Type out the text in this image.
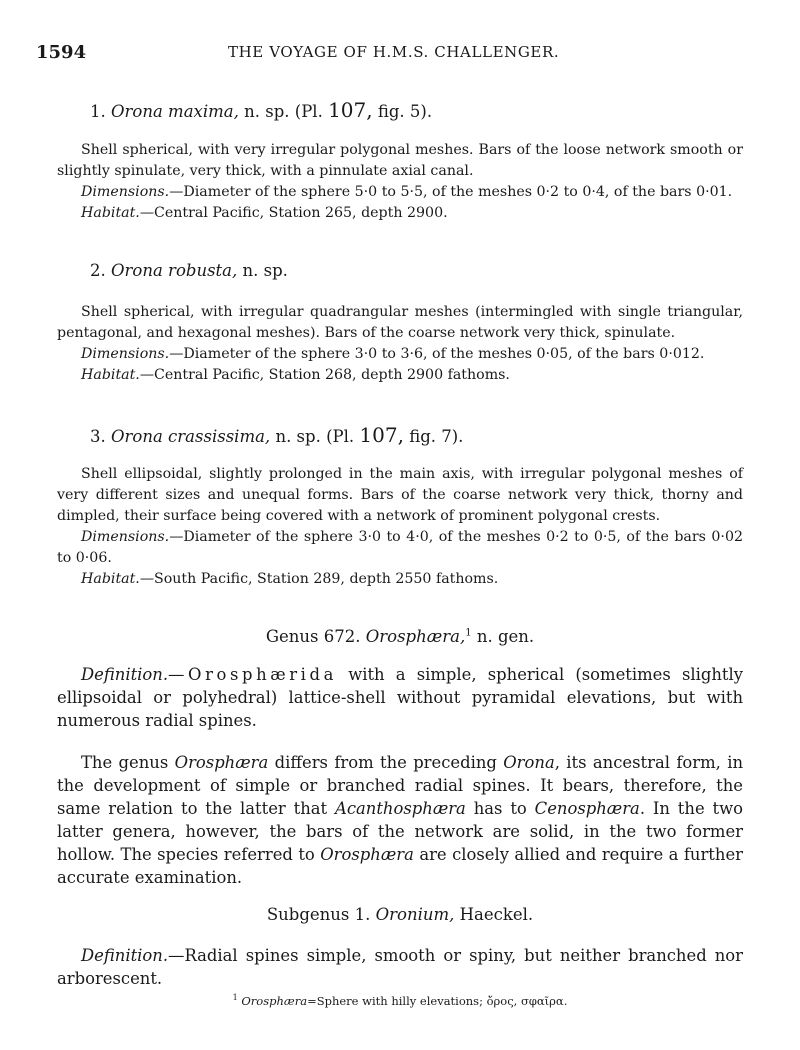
1594	THE VOYAGE OF H.M.S. CHALLENGER.
1. Orona maxima, n. sp. (Pl. 107, fig. 5).

Shell spherical, with very irregular polygonal meshes. Bars of the loose network smooth or slightly spinulate, very thick, with a pinnulate axial canal.

Dimensions.—Diameter of the sphere 5·0 to 5·5, of the meshes 0·2 to 0·4, of the bars 0·01.

Habitat.—Central Pacific, Station 265, depth 2900.

2. Orona robusta, n. sp.

Shell spherical, with irregular quadrangular meshes (intermingled with single triangular, pentagonal, and hexagonal meshes). Bars of the coarse network very thick, spinulate.

Dimensions.—Diameter of the sphere 3·0 to 3·6, of the meshes 0·05, of the bars 0·012.

Habitat.—Central Pacific, Station 268, depth 2900 fathoms.

3. Orona crassissima, n. sp. (Pl. 107, fig. 7).

Shell ellipsoidal, slightly prolonged in the main axis, with irregular polygonal meshes of very different sizes and unequal forms. Bars of the coarse network very thick, thorny and dimpled, their surface being covered with a network of prominent polygonal crests.

Dimensions.—Diameter of the sphere 3·0 to 4·0, of the meshes 0·2 to 0·5, of the bars 0·02 to 0·06.

Habitat.—South Pacific, Station 289, depth 2550 fathoms.

Genus 672. Orosphæra,$^1$ n. gen.

Definition.—Orosphærida with a simple, spherical (sometimes slightly ellipsoidal or polyhedral) lattice-shell without pyramidal elevations, but with numerous radial spines.

The genus Orosphæra differs from the preceding Orona, its ancestral form, in the development of simple or branched radial spines. It bears, therefore, the same relation to the latter that Acanthosphæra has to Cenosphæra. In the two latter genera, however, the bars of the network are solid, in the two former hollow. The species referred to Orosphæra are closely allied and require a further accurate examination.

Subgenus 1. Oronium, Haeckel.

Definition.—Radial spines simple, smooth or spiny, but neither branched nor arborescent.

$^1$ Orosphæra=Sphere with hilly elevations; ὄρος, σφαῖρα.
